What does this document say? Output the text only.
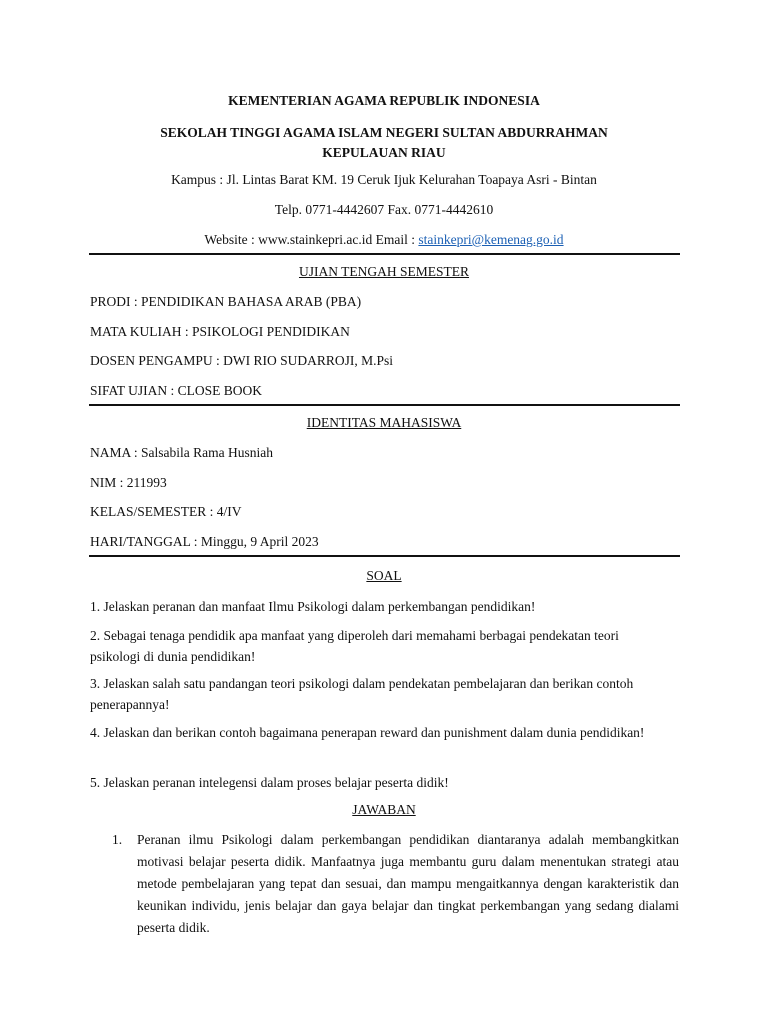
KEMENTERIAN AGAMA REPUBLIK INDONESIA
SEKOLAH TINGGI AGAMA ISLAM NEGERI SULTAN ABDURRAHMAN KEPULAUAN RIAU
Kampus : Jl. Lintas Barat KM. 19 Ceruk Ijuk Kelurahan Toapaya Asri - Bintan
Telp. 0771-4442607 Fax. 0771-4442610
Website : www.stainkepri.ac.id Email : stainkepri@kemenag.go.id
UJIAN TENGAH SEMESTER
PRODI : PENDIDIKAN BAHASA ARAB (PBA)
MATA KULIAH : PSIKOLOGI PENDIDIKAN
DOSEN PENGAMPU : DWI RIO SUDARROJI, M.Psi
SIFAT UJIAN : CLOSE BOOK
IDENTITAS MAHASISWA
NAMA : Salsabila Rama Husniah
NIM : 211993
KELAS/SEMESTER : 4/IV
HARI/TANGGAL : Minggu, 9 April 2023
SOAL
1. Jelaskan peranan dan manfaat Ilmu Psikologi dalam perkembangan pendidikan!
2. Sebagai tenaga pendidik apa manfaat yang diperoleh dari memahami berbagai pendekatan teori psikologi di dunia pendidikan!
3. Jelaskan salah satu pandangan teori psikologi dalam pendekatan pembelajaran dan berikan contoh penerapannya!
4. Jelaskan dan berikan contoh bagaimana penerapan reward dan punishment dalam dunia pendidikan!
5. Jelaskan peranan intelegensi dalam proses belajar peserta didik!
JAWABAN
1. Peranan ilmu Psikologi dalam perkembangan pendidikan diantaranya adalah membangkitkan motivasi belajar peserta didik. Manfaatnya juga membantu guru dalam menentukan strategi atau metode pembelajaran yang tepat dan sesuai, dan mampu mengaitkannya dengan karakteristik dan keunikan individu, jenis belajar dan gaya belajar dan tingkat perkembangan yang sedang dialami peserta didik.
